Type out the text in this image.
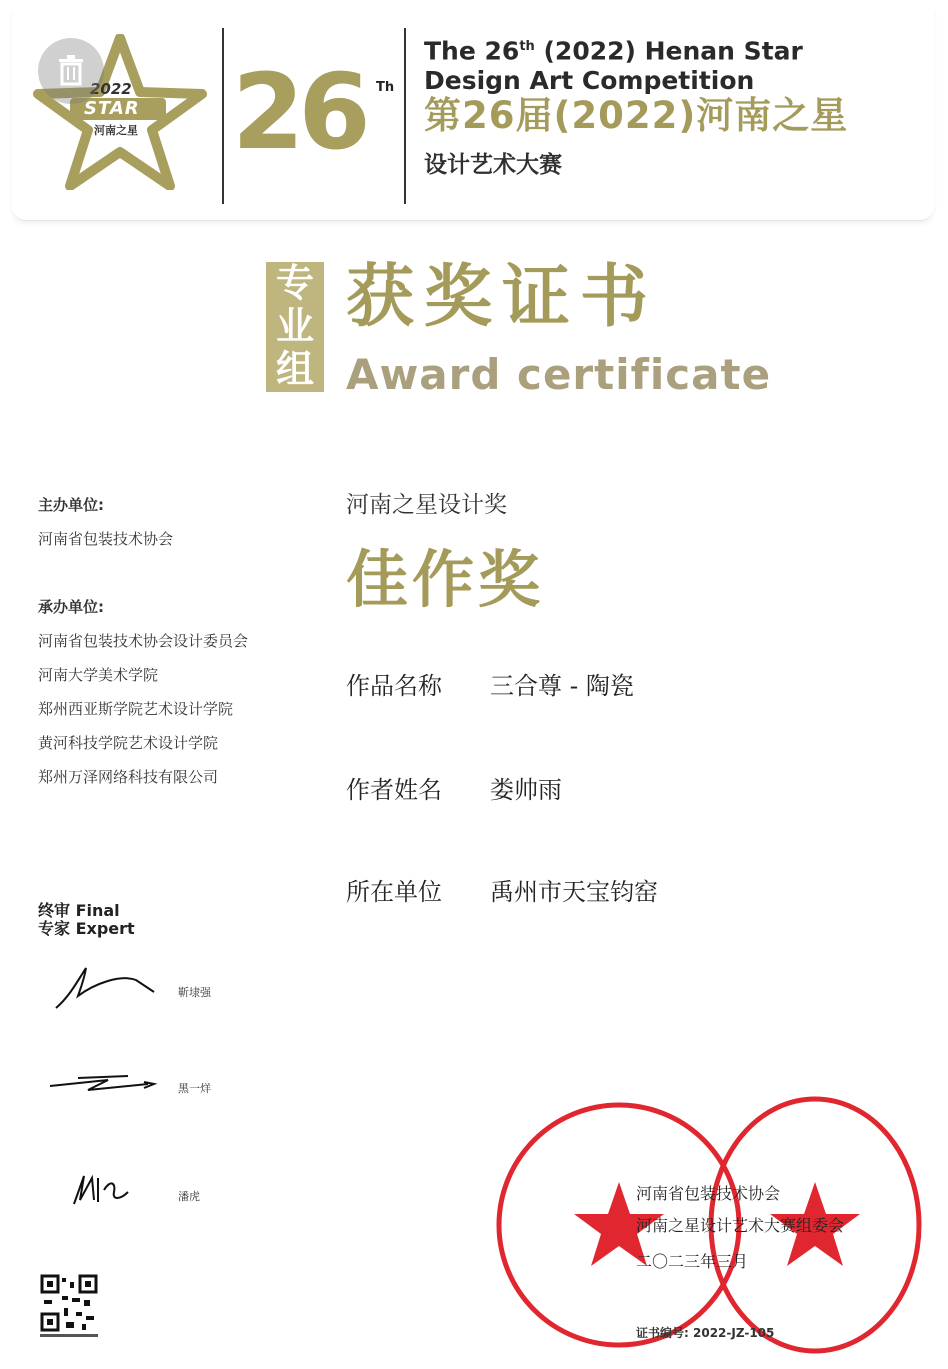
2022
STAR
河南之星 26 Th
The 26th (2022) Henan Star
Design Art Competition
第26届(2022)河南之星
设计艺术大赛
专业组
获奖证书
Award certificate
主办单位:
河南省包装技术协会
承办单位:
河南省包装技术协会设计委员会
河南大学美术学院
郑州西亚斯学院艺术设计学院
黄河科技学院艺术设计学院
郑州万泽网络科技有限公司
河南之星设计奖
佳作奖
作品名称 三合尊 - 陶瓷
作者姓名 娄帅雨
所在单位 禹州市天宝钧窑
终审 Final
专家 Expert
靳埭强
黑一烊
潘虎	河南省包装技术协会
河南之星设计艺术大赛组委会
二〇二三年三月
证书编号: 2022-JZ-105
